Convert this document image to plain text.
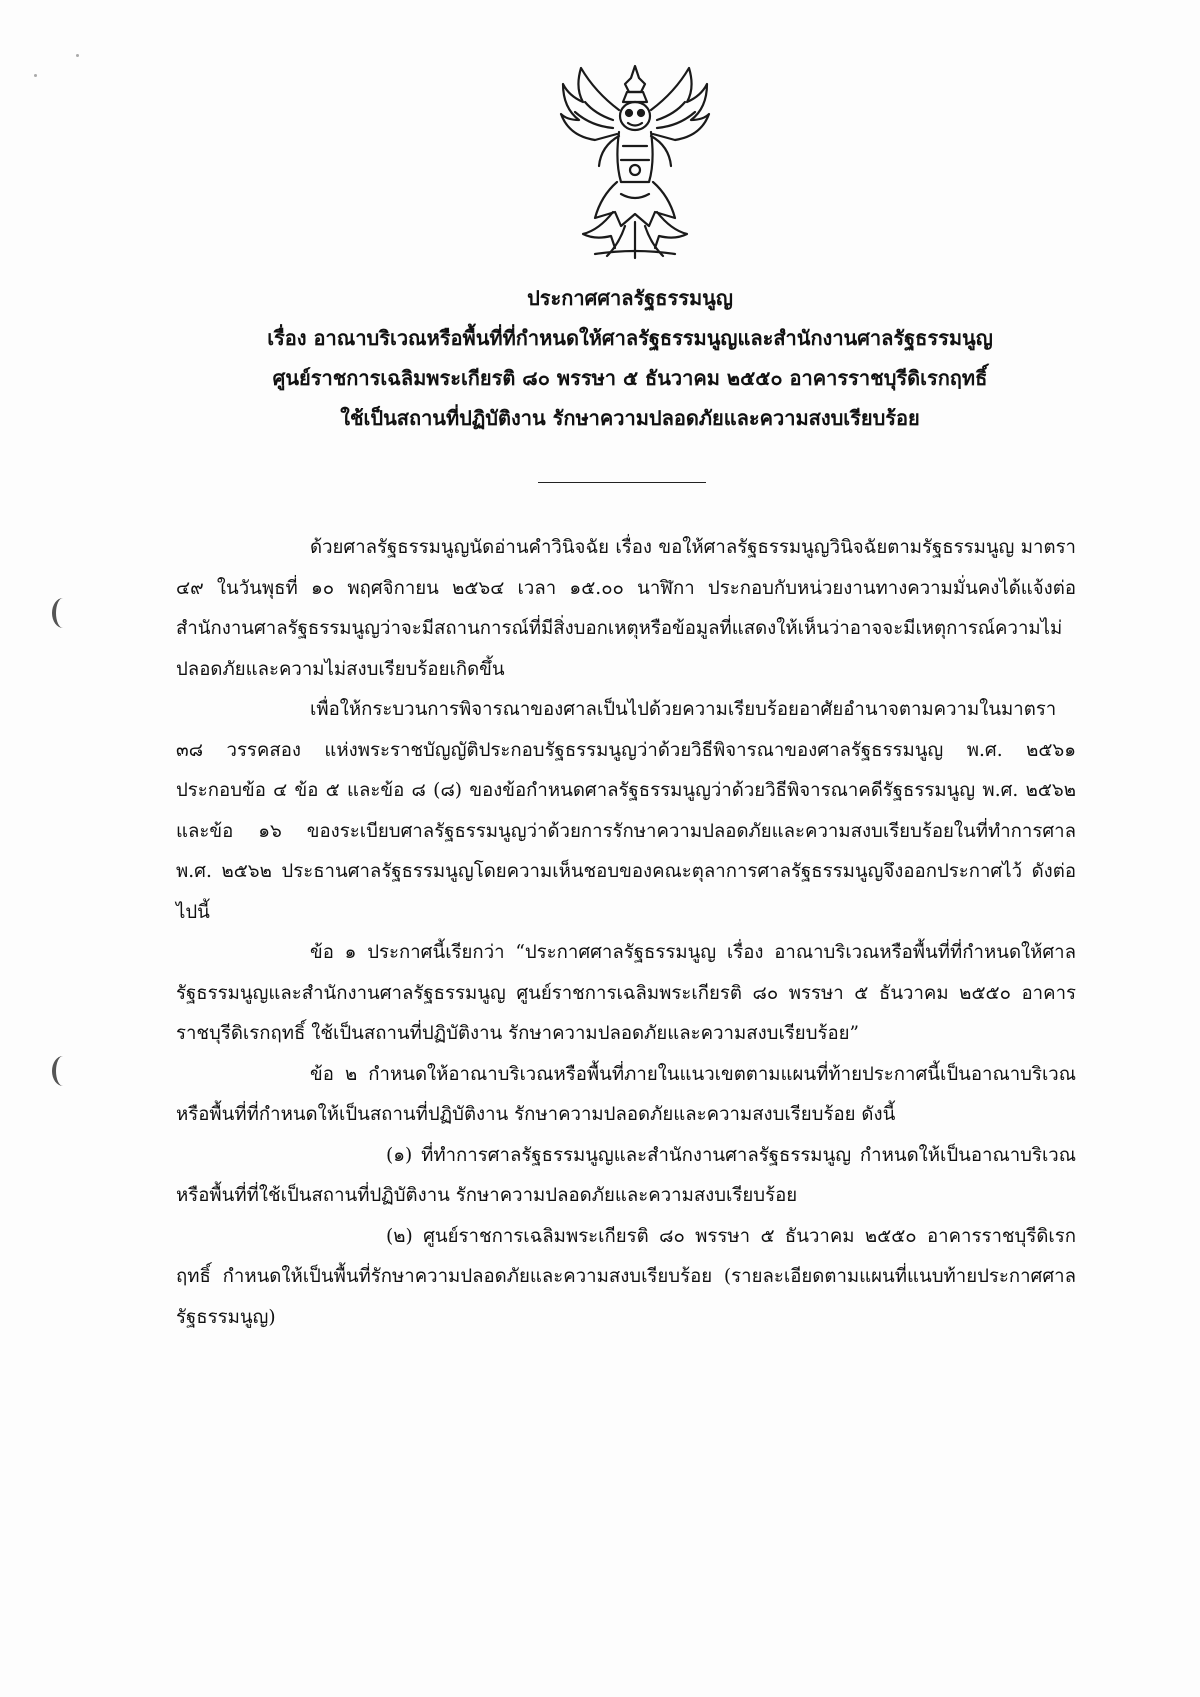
ประกาศศาลรัฐธรรมนูญ
เรื่อง อาณาบริเวณหรือพื้นที่ที่กำหนดให้ศาลรัฐธรรมนูญและสำนักงานศาลรัฐธรรมนูญ
ศูนย์ราชการเฉลิมพระเกียรติ ๘๐ พรรษา ๕ ธันวาคม ๒๕๕๐ อาคารราชบุรีดิเรกฤทธิ์
ใช้เป็นสถานที่ปฏิบัติงาน รักษาความปลอดภัยและความสงบเรียบร้อย

ด้วยศาลรัฐธรรมนูญนัดอ่านคำวินิจฉัย เรื่อง ขอให้ศาลรัฐธรรมนูญวินิจฉัยตามรัฐธรรมนูญ มาตรา ๔๙ ในวันพุธที่ ๑๐ พฤศจิกายน ๒๕๖๔ เวลา ๑๕.๐๐ นาฬิกา ประกอบกับหน่วยงานทางความมั่นคงได้แจ้งต่อสำนักงานศาลรัฐธรรมนูญว่าจะมีสถานการณ์ที่มีสิ่งบอกเหตุหรือข้อมูลที่แสดงให้เห็นว่าอาจจะมีเหตุการณ์ความไม่ปลอดภัยและความไม่สงบเรียบร้อยเกิดขึ้น

เพื่อให้กระบวนการพิจารณาของศาลเป็นไปด้วยความเรียบร้อยอาศัยอำนาจตามความในมาตรา ๓๘ วรรคสอง แห่งพระราชบัญญัติประกอบรัฐธรรมนูญว่าด้วยวิธีพิจารณาของศาลรัฐธรรมนูญ พ.ศ. ๒๕๖๑ ประกอบข้อ ๔ ข้อ ๕ และข้อ ๘ (๘) ของข้อกำหนดศาลรัฐธรรมนูญว่าด้วยวิธีพิจารณาคดีรัฐธรรมนูญ พ.ศ. ๒๕๖๒ และข้อ ๑๖ ของระเบียบศาลรัฐธรรมนูญว่าด้วยการรักษาความปลอดภัยและความสงบเรียบร้อยในที่ทำการศาล พ.ศ. ๒๕๖๒ ประธานศาลรัฐธรรมนูญโดยความเห็นชอบของคณะตุลาการศาลรัฐธรรมนูญจึงออกประกาศไว้ ดังต่อไปนี้

ข้อ ๑ ประกาศนี้เรียกว่า “ประกาศศาลรัฐธรรมนูญ เรื่อง อาณาบริเวณหรือพื้นที่ที่กำหนดให้ศาลรัฐธรรมนูญและสำนักงานศาลรัฐธรรมนูญ ศูนย์ราชการเฉลิมพระเกียรติ ๘๐ พรรษา ๕ ธันวาคม ๒๕๕๐ อาคารราชบุรีดิเรกฤทธิ์ ใช้เป็นสถานที่ปฏิบัติงาน รักษาความปลอดภัยและความสงบเรียบร้อย”

ข้อ ๒ กำหนดให้อาณาบริเวณหรือพื้นที่ภายในแนวเขตตามแผนที่ท้ายประกาศนี้เป็นอาณาบริเวณหรือพื้นที่ที่กำหนดให้เป็นสถานที่ปฏิบัติงาน รักษาความปลอดภัยและความสงบเรียบร้อย ดังนี้

(๑) ที่ทำการศาลรัฐธรรมนูญและสำนักงานศาลรัฐธรรมนูญ กำหนดให้เป็นอาณาบริเวณหรือพื้นที่ที่ใช้เป็นสถานที่ปฏิบัติงาน รักษาความปลอดภัยและความสงบเรียบร้อย

(๒) ศูนย์ราชการเฉลิมพระเกียรติ ๘๐ พรรษา ๕ ธันวาคม ๒๕๕๐ อาคารราชบุรีดิเรกฤทธิ์ กำหนดให้เป็นพื้นที่รักษาความปลอดภัยและความสงบเรียบร้อย (รายละเอียดตามแผนที่แนบท้ายประกาศศาลรัฐธรรมนูญ)
